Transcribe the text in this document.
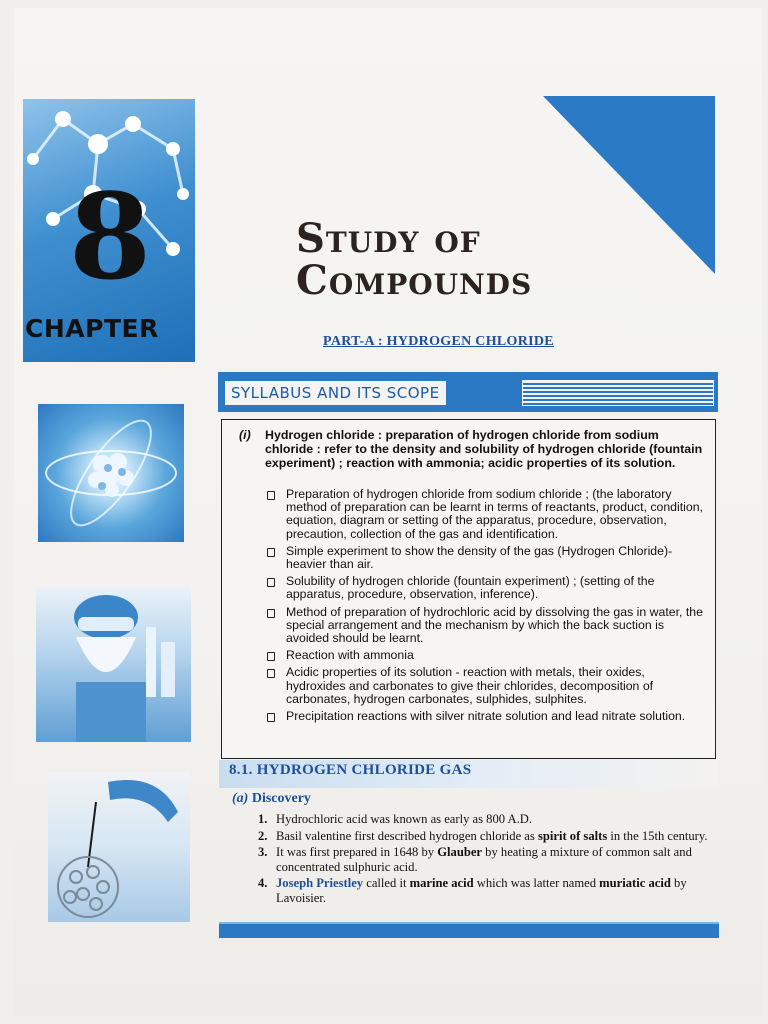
8
CHAPTER
Study of
Compounds
PART-A : HYDROGEN CHLORIDE
SYLLABUS AND ITS SCOPE
(i) Hydrogen chloride : preparation of hydrogen chloride from sodium chloride : refer to the density and solubility of hydrogen chloride (fountain experiment) ; reaction with ammonia; acidic properties of its solution.
Preparation of hydrogen chloride from sodium chloride ; (the laboratory method of preparation can be learnt in terms of reactants, product, condition, equation, diagram or setting of the apparatus, procedure, observation, precaution, collection of the gas and identification.
Simple experiment to show the density of the gas (Hydrogen Chloride)- heavier than air.
Solubility of hydrogen chloride (fountain experiment) ; (setting of the apparatus, procedure, observation, inference).
Method of preparation of hydrochloric acid by dissolving the gas in water, the special arrangement and the mechanism by which the back suction is avoided should be learnt.
Reaction with ammonia
Acidic properties of its solution - reaction with metals, their oxides, hydroxides and carbonates to give their chlorides, decomposition of carbonates, hydrogen carbonates, sulphides, sulphites.
Precipitation reactions with silver nitrate solution and lead nitrate solution.
8.1. HYDROGEN CHLORIDE GAS
(a) Discovery
1. Hydrochloric acid was known as early as 800 A.D.
2. Basil valentine first described hydrogen chloride as spirit of salts in the 15th century.
3. It was first prepared in 1648 by Glauber by heating a mixture of common salt and concentrated sulphuric acid.
4. Joseph Priestley called it marine acid which was latter named muriatic acid by Lavoisier.
